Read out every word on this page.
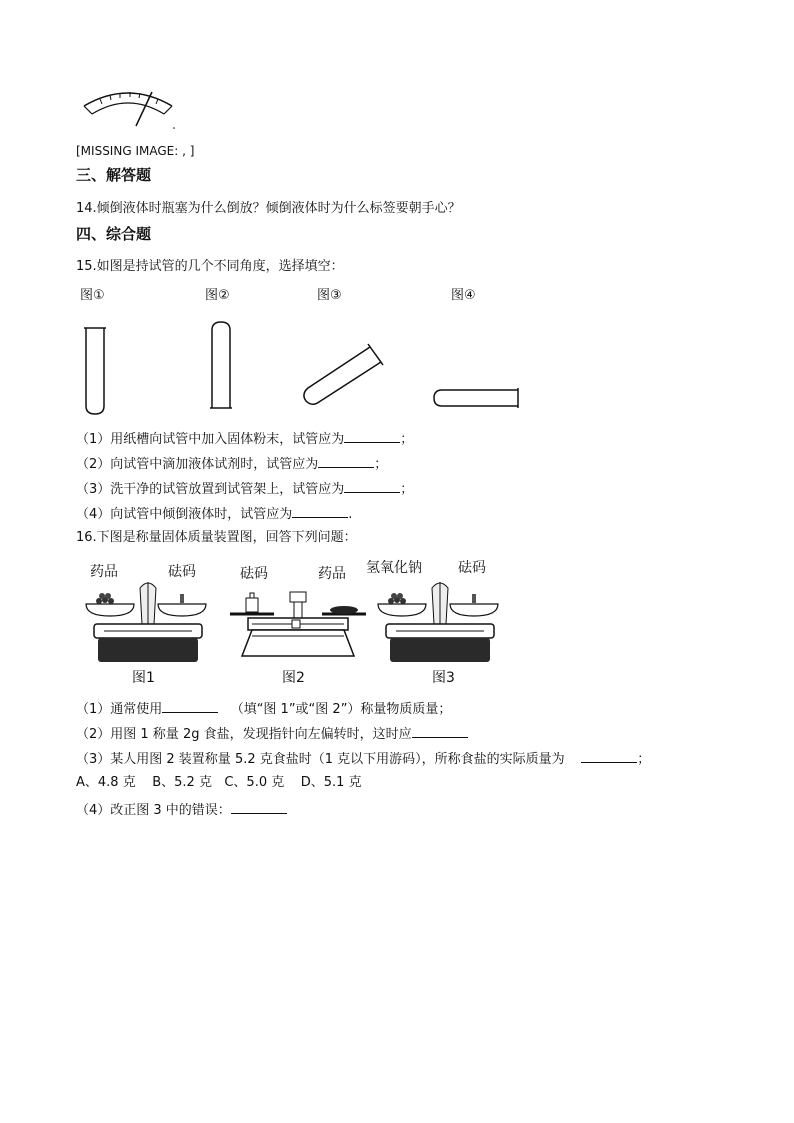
[MISSING IMAGE: , ]
三、解答题
14.倾倒液体时瓶塞为什么倒放？倾倒液体时为什么标签要朝手心？
四、综合题
15.如图是持试管的几个不同角度，选择填空：
图①	图②	图③	图④
（1）用纸槽向试管中加入固体粉末，试管应为	；
（2）向试管中滴加液体试剂时，试管应为	；
（3）洗干净的试管放置到试管架上，试管应为	；
（4）向试管中倾倒液体时，试管应为	.
16.下图是称量固体质量装置图，回答下列问题：
药品	砝码
图1
砝码	药品
图2
氢氧化钠	砝码
图3
（1）通常使用	（填“图 1”或“图 2”）称量物质质量；
（2）用图 1 称量 2g 食盐，发现指针向左偏转时，这时应
（3）某人用图 2 装置称量 5.2 克食盐时（1 克以下用游码），所称食盐的实际质量为	；
A、4.8 克    B、5.2 克   C、5.0 克    D、5.1 克
（4）改正图 3 中的错误：
